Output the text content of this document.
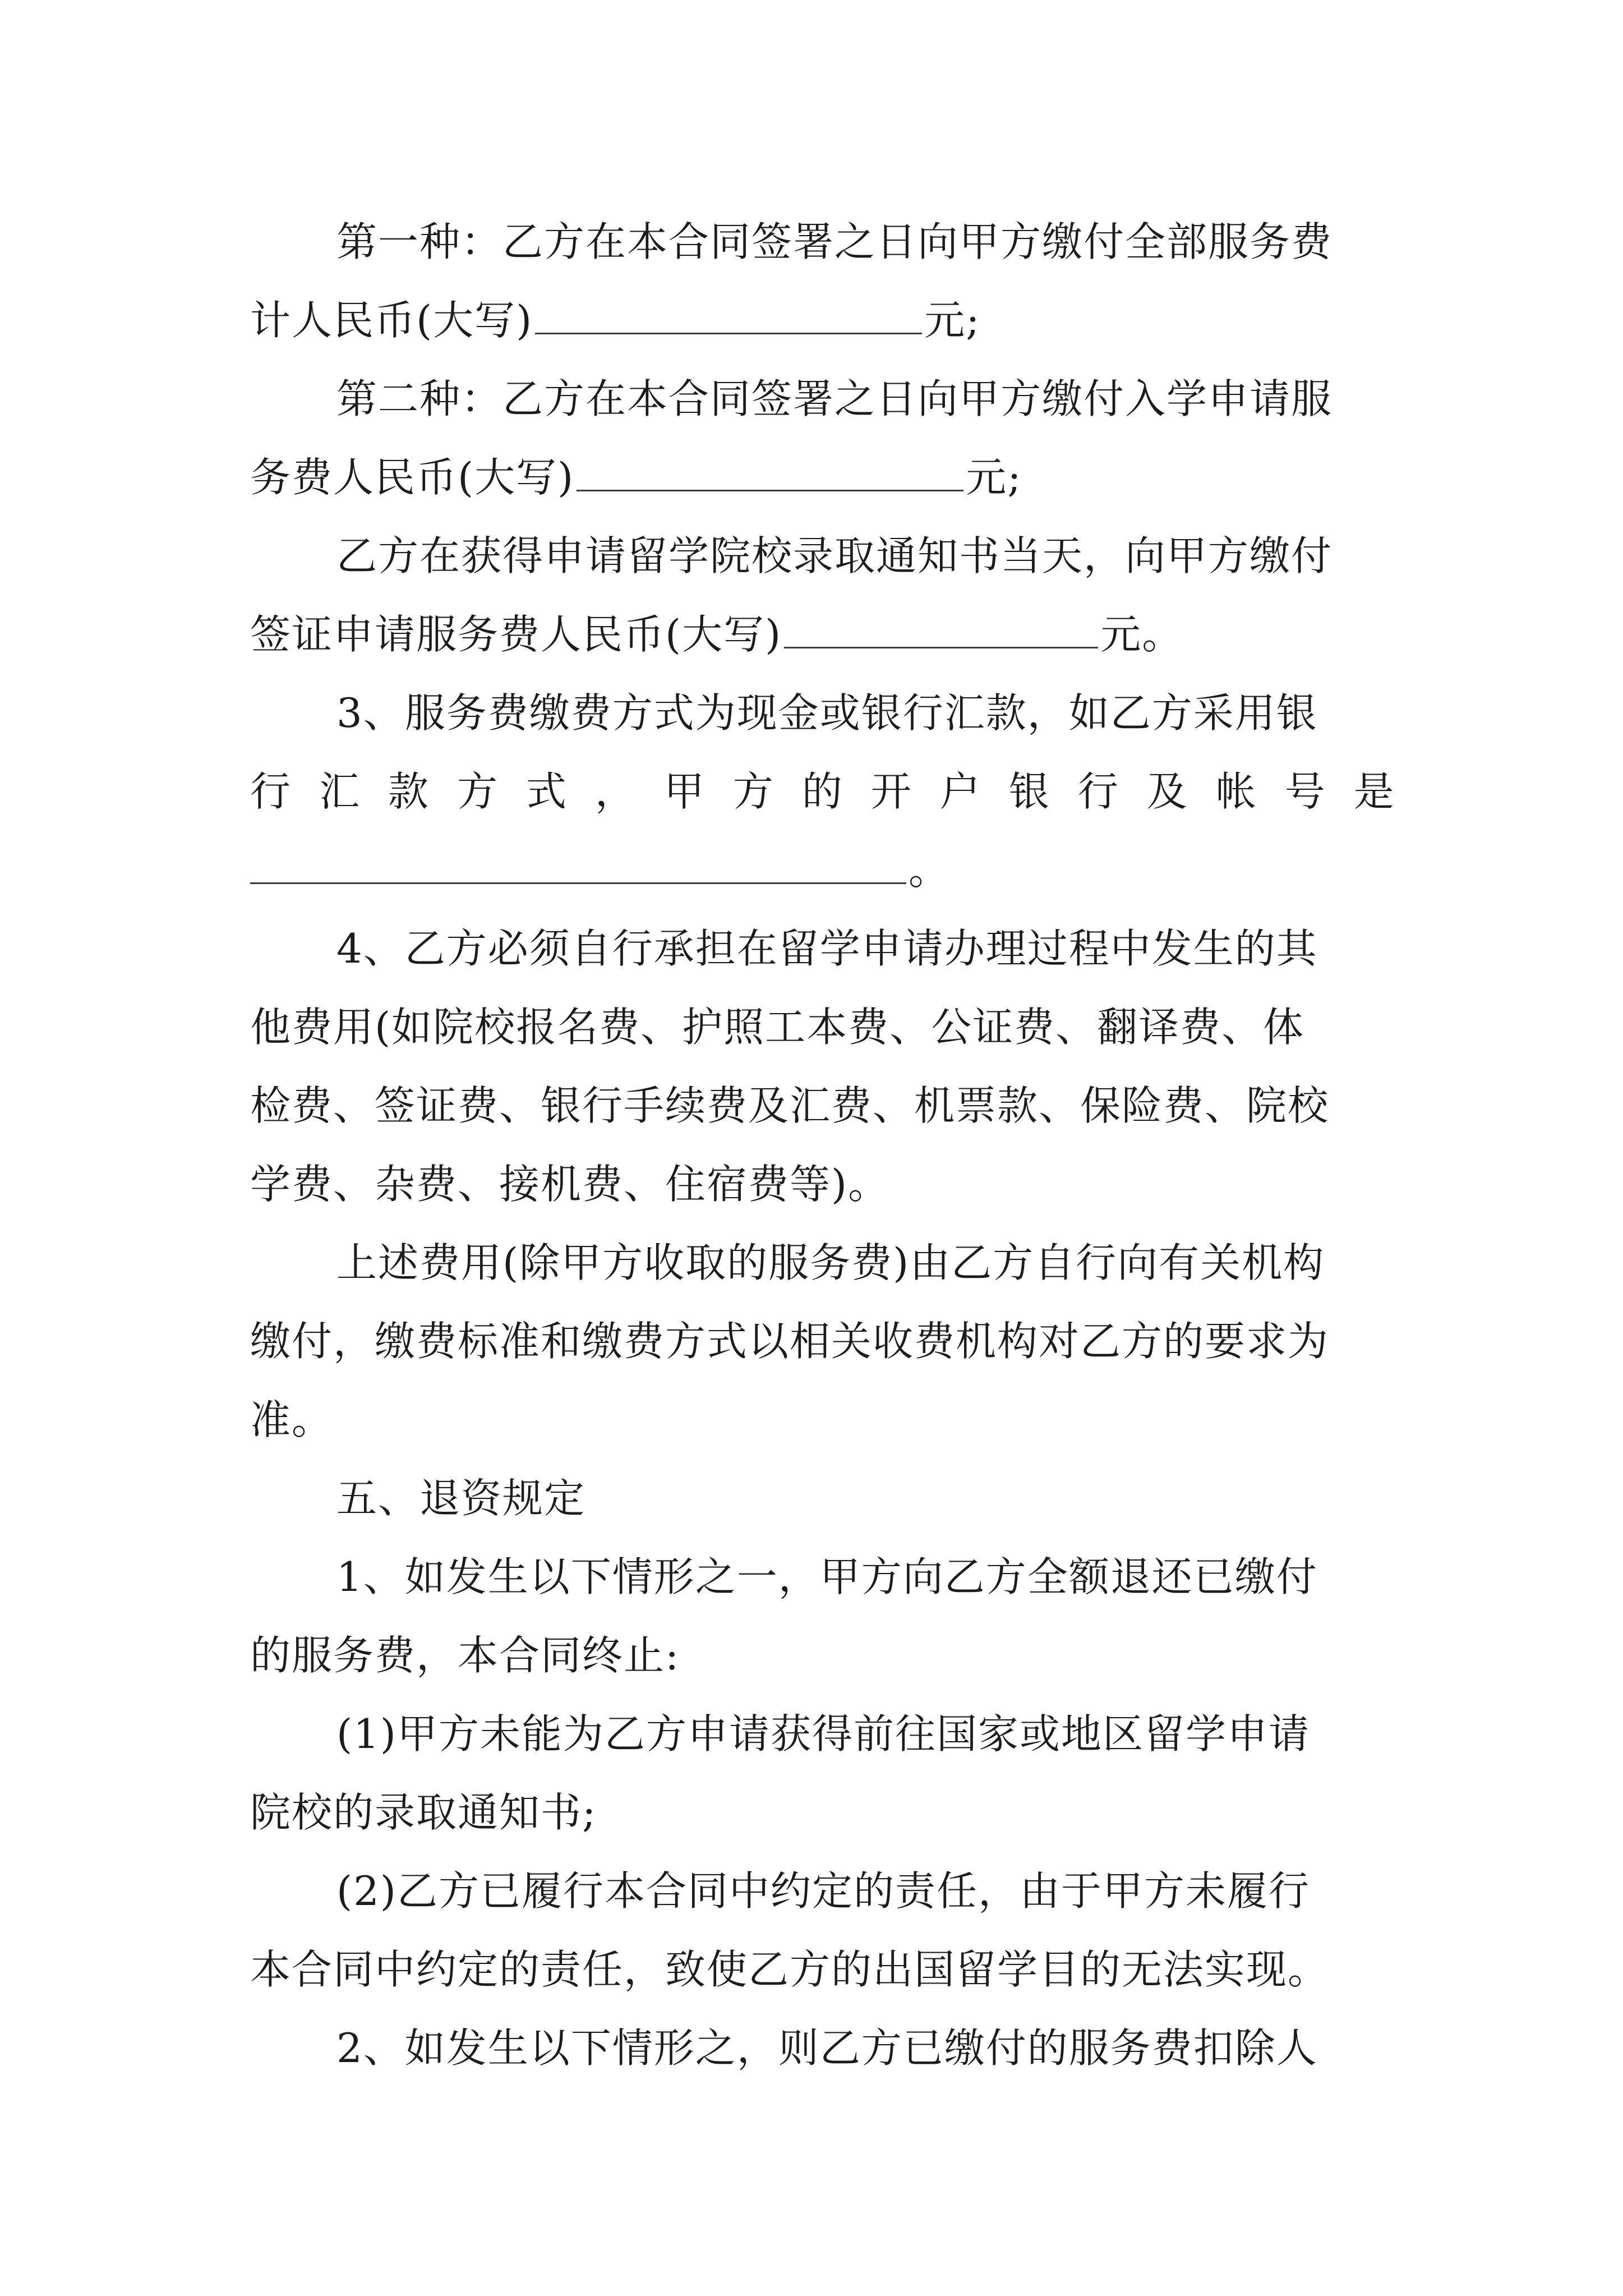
第一种：乙方在本合同签署之日向甲方缴付全部服务费
计人民币(大写)	元;
第二种：乙方在本合同签署之日向甲方缴付入学申请服
务费人民币(大写)	元;
乙方在获得申请留学院校录取通知书当天，向甲方缴付
签证申请服务费人民币(大写)	元。
3、服务费缴费方式为现金或银行汇款，如乙方采用银
行 汇 款 方 式 ， 甲 方 的 开 户 银 行 及 帐 号 是
。
4、乙方必须自行承担在留学申请办理过程中发生的其
他费用(如院校报名费、护照工本费、公证费、翻译费、体
检费、签证费、银行手续费及汇费、机票款、保险费、院校
学费、杂费、接机费、住宿费等)。
上述费用(除甲方收取的服务费)由乙方自行向有关机构
缴付，缴费标准和缴费方式以相关收费机构对乙方的要求为
准。
五、退资规定
1、如发生以下情形之一，甲方向乙方全额退还已缴付
的服务费，本合同终止:
(1)甲方未能为乙方申请获得前往国家或地区留学申请
院校的录取通知书;
(2)乙方已履行本合同中约定的责任，由于甲方未履行
本合同中约定的责任，致使乙方的出国留学目的无法实现。
2、如发生以下情形之，则乙方已缴付的服务费扣除人
